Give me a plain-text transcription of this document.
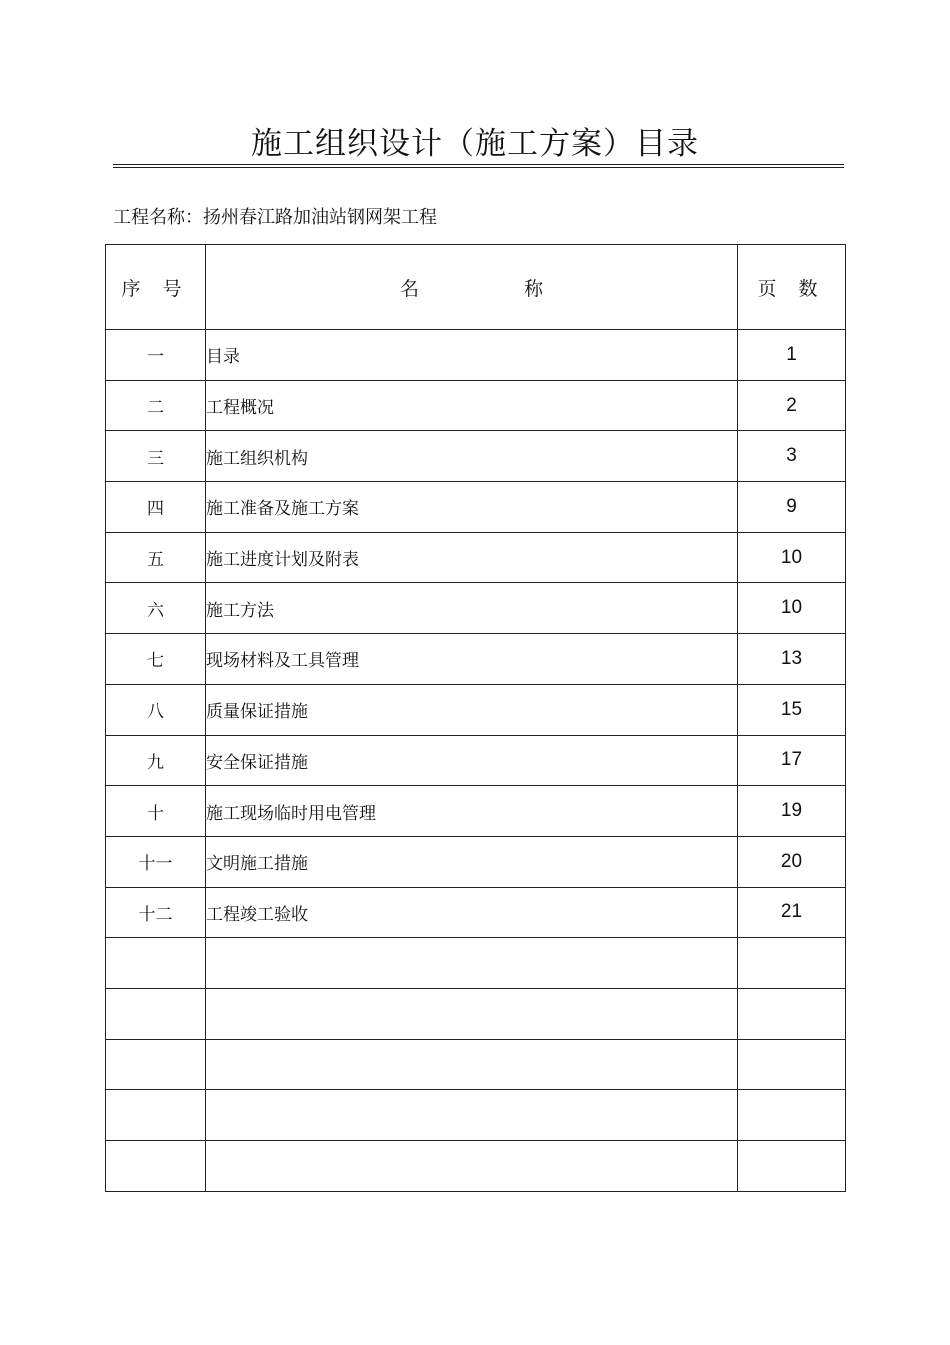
施工组织设计（施工方案）目录
工程名称：扬州春江路加油站钢网架工程
序 号	名 称	页 数
一	目录	1
二	工程概况	2
三	施工组织机构	3
四	施工准备及施工方案	9
五	施工进度计划及附表	10
六	施工方法	10
七	现场材料及工具管理	13
八	质量保证措施	15
九	安全保证措施	17
十	施工现场临时用电管理	19
十一	文明施工措施	20
十二	工程竣工验收	21
